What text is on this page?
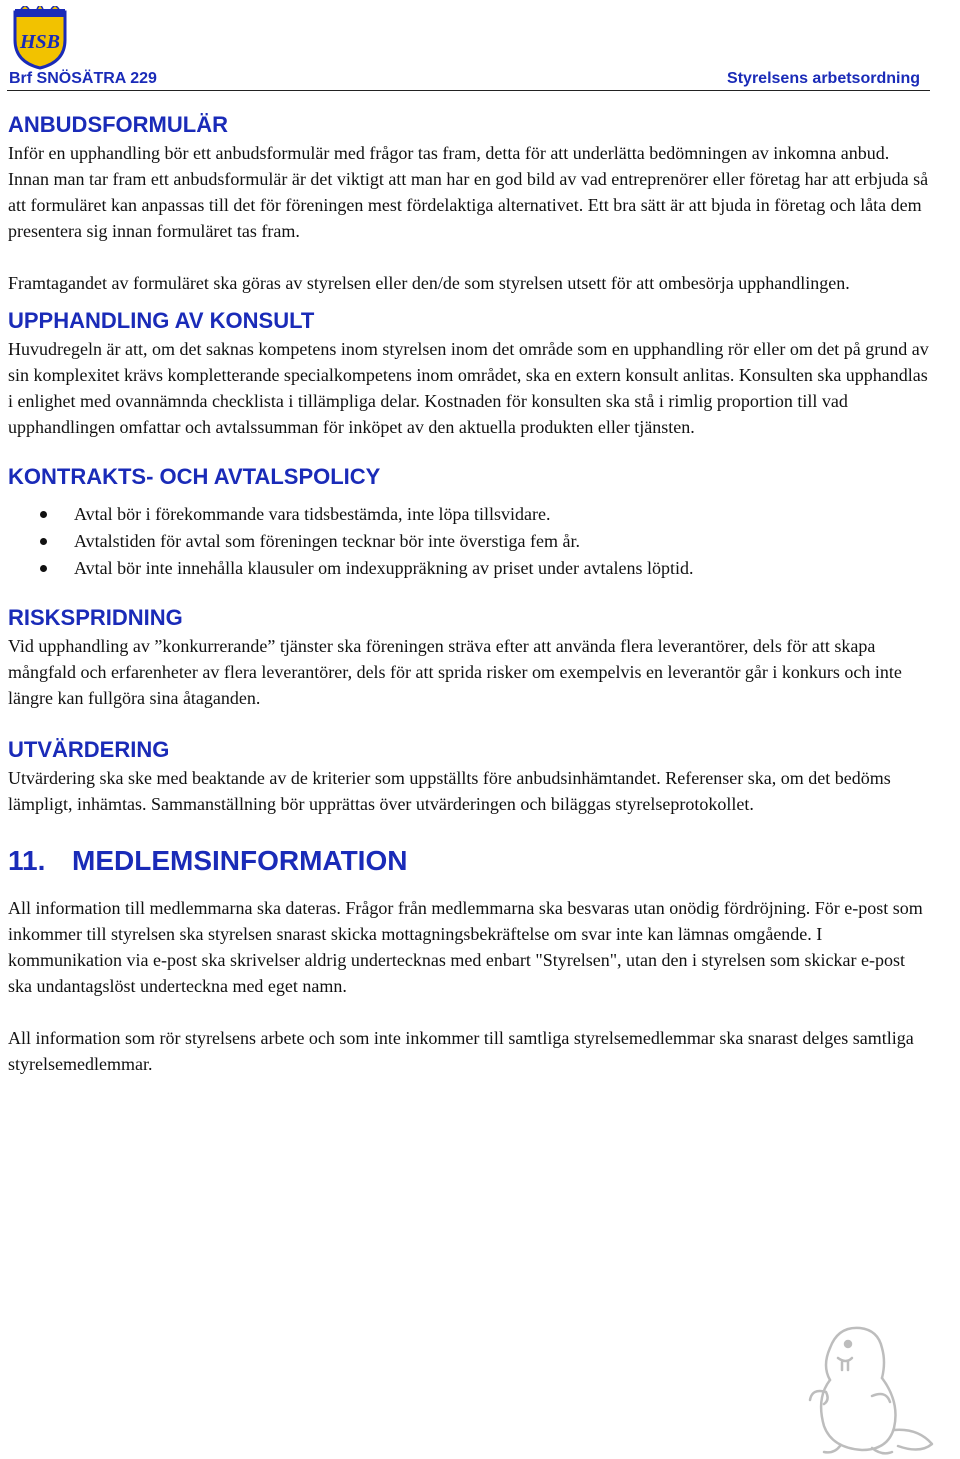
HSB
Brf SNÖSÄTRA 229	Styrelsens arbetsordning
ANBUDSFORMULÄR

Inför en upphandling bör ett anbudsformulär med frågor tas fram, detta för att underlätta bedömningen av inkomna anbud. Innan man tar fram ett anbudsformulär är det viktigt att man har en god bild av vad entreprenörer eller företag har att erbjuda så att formuläret kan anpassas till det för föreningen mest fördelaktiga alternativet. Ett bra sätt är att bjuda in företag och låta dem presentera sig innan formuläret tas fram.

Framtagandet av formuläret ska göras av styrelsen eller den/de som styrelsen utsett för att ombesörja upphandlingen.

UPPHANDLING AV KONSULT

Huvudregeln är att, om det saknas kompetens inom styrelsen inom det område som en upphandling rör eller om det på grund av sin komplexitet krävs kompletterande specialkompetens inom området, ska en extern konsult anlitas. Konsulten ska upphandlas i enlighet med ovannämnda checklista i tillämpliga delar. Kostnaden för konsulten ska stå i rimlig proportion till vad upphandlingen omfattar och avtalssumman för inköpet av den aktuella produkten eller tjänsten.

KONTRAKTS- OCH AVTALSPOLICY
Avtal bör i förekommande vara tidsbestämda, inte löpa tillsvidare.
Avtalstiden för avtal som föreningen tecknar bör inte överstiga fem år.
Avtal bör inte innehålla klausuler om indexuppräkning av priset under avtalens löptid.
RISKSPRIDNING

Vid upphandling av ”konkurrerande” tjänster ska föreningen sträva efter att använda flera leverantörer, dels för att skapa mångfald och erfarenheter av flera leverantörer, dels för att sprida risker om exempelvis en leverantör går i konkurs och inte längre kan fullgöra sina åtaganden.

UTVÄRDERING

Utvärdering ska ske med beaktande av de kriterier som uppställts före anbudsinhämtandet. Referenser ska, om det bedöms lämpligt, inhämtas. Sammanställning bör upprättas över utvärderingen och biläggas styrelseprotokollet.

11. MEDLEMSINFORMATION

All information till medlemmarna ska dateras. Frågor från medlemmarna ska besvaras utan onödig fördröjning. För e-post som inkommer till styrelsen ska styrelsen snarast skicka mottagningsbekräftelse om svar inte kan lämnas omgående. I kommunikation via e-post ska skrivelser aldrig undertecknas med enbart "Styrelsen", utan den i styrelsen som skickar e-post ska undantagslöst underteckna med eget namn.

All information som rör styrelsens arbete och som inte inkommer till samtliga styrelsemedlemmar ska snarast delges samtliga styrelsemedlemmar.
